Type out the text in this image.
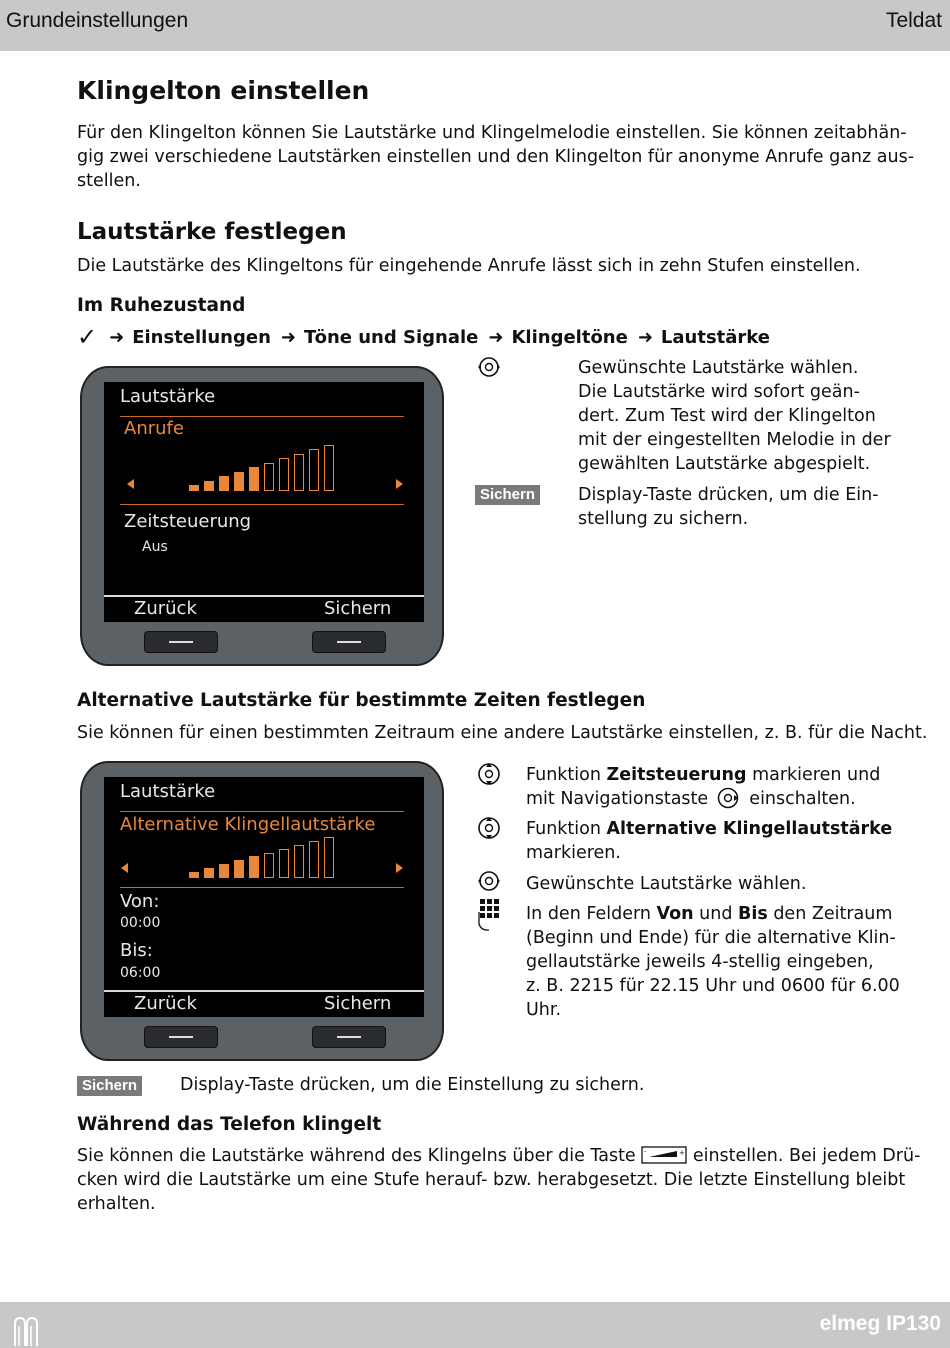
Grundeinstellungen	Teldat
Klingelton einstellen
Für den Klingelton können Sie Lautstärke und Klingelmelodie einstellen. Sie können zeitabhän-
gig zwei verschiedene Lautstärken einstellen und den Klingelton für anonyme Anrufe ganz aus-
stellen.
Lautstärke festlegen
Die Lautstärke des Klingeltons für eingehende Anrufe lässt sich in zehn Stufen einstellen.
Im Ruhezustand
✓ ➜ Einstellungen ➜ Töne und Signale ➜ Klingeltöne ➜ Lautstärke
Lautstärke
Anrufe
Zeitsteuerung
Aus
Zurück	Sichern
Gewünschte Lautstärke wählen.
Die Lautstärke wird sofort geän-
dert. Zum Test wird der Klingelton
mit der eingestellten Melodie in der
gewählten Lautstärke abgespielt.
Sichern Display-Taste drücken, um die Ein-
stellung zu sichern.
Alternative Lautstärke für bestimmte Zeiten festlegen
Sie können für einen bestimmten Zeitraum eine andere Lautstärke einstellen, z. B. für die Nacht.
Lautstärke
Alternative Klingellautstärke
Von:
00:00
Bis:
06:00
Zurück	Sichern
Funktion Zeitsteuerung markieren und
mit Navigationstaste  einschalten.
Funktion Alternative Klingellautstärke
markieren.
Gewünschte Lautstärke wählen.
In den Feldern Von und Bis den Zeitraum
(Beginn und Ende) für die alternative Klin-
gellautstärke jeweils 4-stellig eingeben,
z. B. 2215 für 22.15 Uhr und 0600 für 6.00
Uhr.
Sichern Display-Taste drücken, um die Einstellung zu sichern.
Während das Telefon klingelt
Sie können die Lautstärke während des Klingelns über die Taste -	+ einstellen. Bei jedem Drü-
cken wird die Lautstärke um eine Stufe herauf- bzw. herabgesetzt. Die letzte Einstellung bleibt
erhalten.
elmeg IP130
